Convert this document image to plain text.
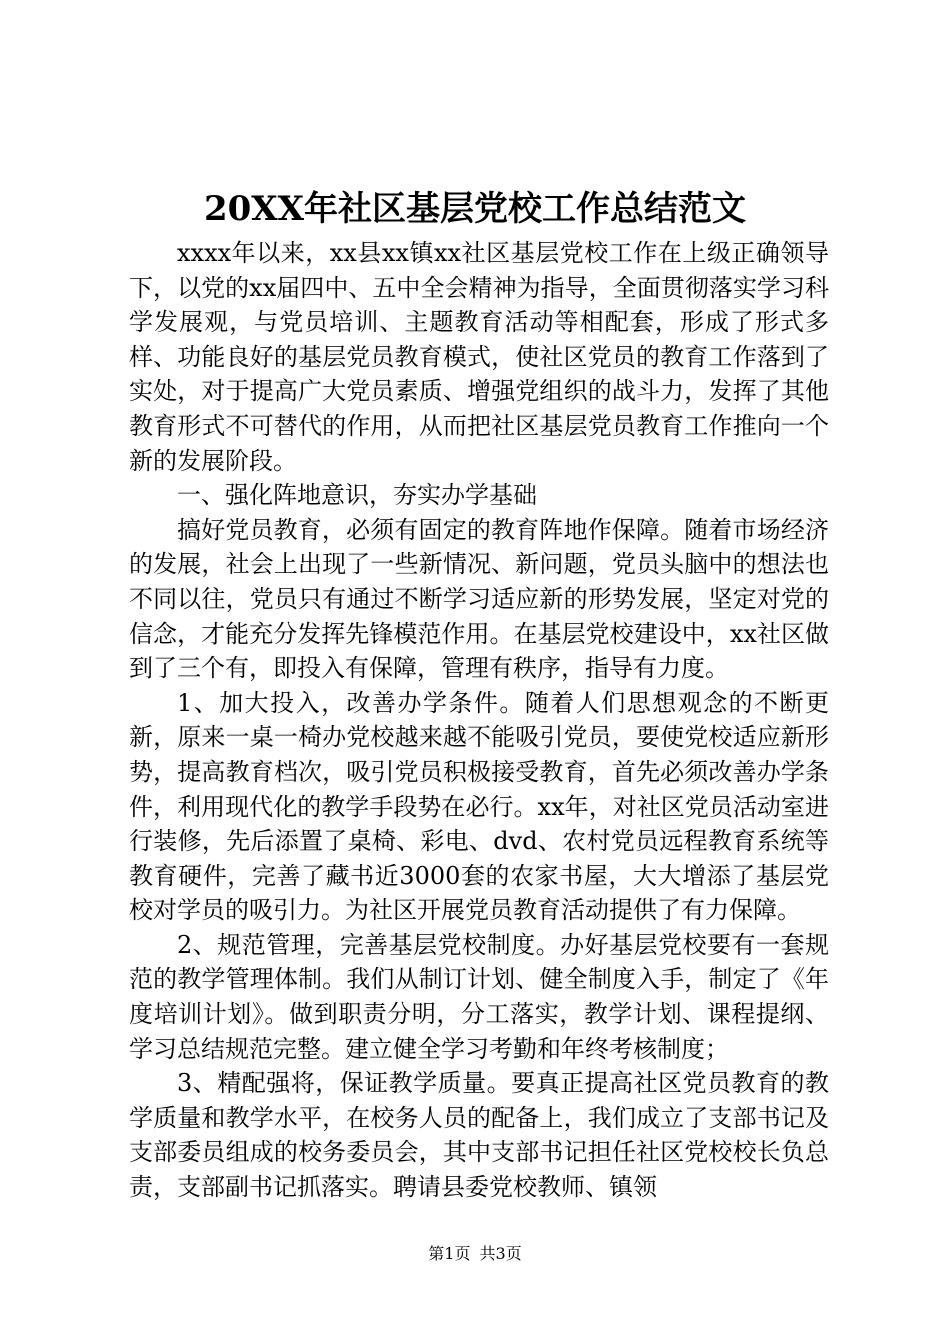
20XX年社区基层党校工作总结范文

xxxx年以来，xx县xx镇xx社区基层党校工作在上级正确领导下，以党的xx届四中、五中全会精神为指导，全面贯彻落实学习科学发展观，与党员培训、主题教育活动等相配套，形成了形式多样、功能良好的基层党员教育模式，使社区党员的教育工作落到了实处，对于提高广大党员素质、增强党组织的战斗力，发挥了其他教育形式不可替代的作用，从而把社区基层党员教育工作推向一个新的发展阶段。

一、强化阵地意识，夯实办学基础

搞好党员教育，必须有固定的教育阵地作保障。随着市场经济的发展，社会上出现了一些新情况、新问题，党员头脑中的想法也不同以往，党员只有通过不断学习适应新的形势发展，坚定对党的信念，才能充分发挥先锋模范作用。在基层党校建设中，xx社区做到了三个有，即投入有保障，管理有秩序，指导有力度。

1、加大投入，改善办学条件。随着人们思想观念的不断更新，原来一桌一椅办党校越来越不能吸引党员，要使党校适应新形势，提高教育档次，吸引党员积极接受教育，首先必须改善办学条件，利用现代化的教学手段势在必行。xx年，对社区党员活动室进行装修，先后添置了桌椅、彩电、dvd、农村党员远程教育系统等教育硬件，完善了藏书近3000套的农家书屋，大大增添了基层党校对学员的吸引力。为社区开展党员教育活动提供了有力保障。

2、规范管理，完善基层党校制度。办好基层党校要有一套规范的教学管理体制。我们从制订计划、健全制度入手，制定了《年度培训计划》。做到职责分明，分工落实，教学计划、课程提纲、学习总结规范完整。建立健全学习考勤和年终考核制度；

3、精配强将，保证教学质量。要真正提高社区党员教育的教学质量和教学水平，在校务人员的配备上，我们成立了支部书记及支部委员组成的校务委员会，其中支部书记担任社区党校校长负总责，支部副书记抓落实。聘请县委党校教师、镇领

第1页 共3页
